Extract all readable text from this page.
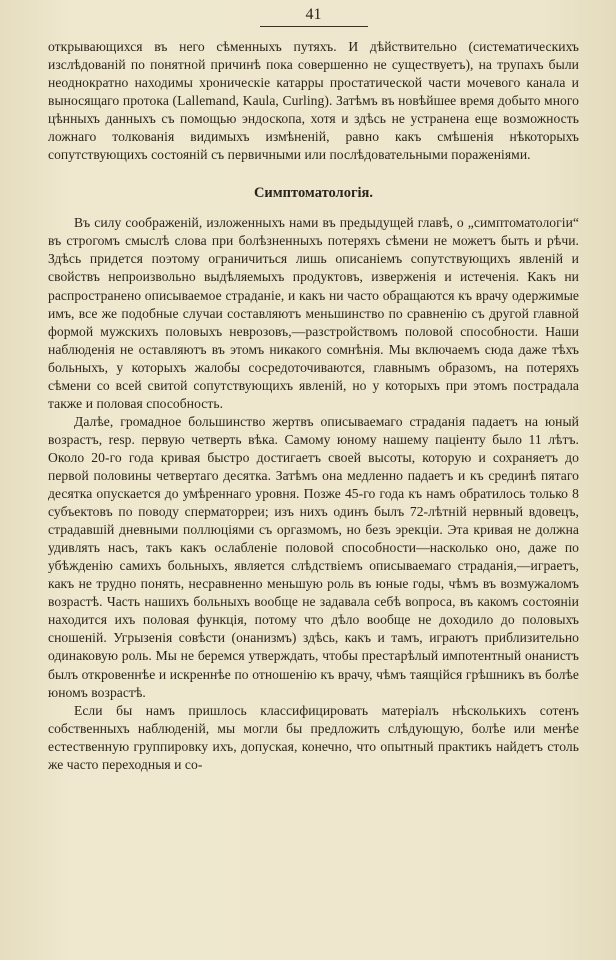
41

открывающихся въ него сѣменныхъ путяхъ. И дѣйствительно (систематическихъ изслѣдованій по понятной причинѣ пока совершенно не существуетъ), на трупахъ были неоднократно находимы хроническіе катарры простатической части мочевого канала и выносящаго протока (Lallemand, Kaula, Curling). Затѣмъ въ новѣйшее время добыто много цѣнныхъ данныхъ съ помощью эндоскопа, хотя и здѣсь не устранена еще возможность ложнаго толкованія видимыхъ измѣненій, равно какъ смѣшенія нѣкоторыхъ сопутствующихъ состояній съ первичными или послѣдовательными пораженіями.

Симптоматологія.

Въ силу соображеній, изложенныхъ нами въ предыдущей главѣ, о „симптоматологіи“ въ строгомъ смыслѣ слова при болѣзненныхъ потеряхъ сѣмени не можетъ быть и рѣчи. Здѣсь придется поэтому ограничиться лишь описаніемъ сопутствующихъ явленій и свойствъ непроизвольно выдѣляемыхъ продуктовъ, изверженія и истеченія. Какъ ни распространено описываемое страданіе, и какъ ни часто обращаются къ врачу одержимые имъ, все же подобные случаи составляютъ меньшинство по сравненію съ другой главной формой мужскихъ половыхъ неврозовъ,—разстройствомъ половой способности. Наши наблюденія не оставляютъ въ этомъ никакого сомнѣнія. Мы включаемъ сюда даже тѣхъ больныхъ, у которыхъ жалобы сосредоточиваются, главнымъ образомъ, на потеряхъ сѣмени со всей свитой сопутствующихъ явленій, но у которыхъ при этомъ пострадала также и половая способность.

Далѣе, громадное большинство жертвъ описываемаго страданія падаетъ на юный возрастъ, resp. первую четверть вѣка. Самому юному нашему паціенту было 11 лѣтъ. Около 20-го года кривая быстро достигаетъ своей высоты, которую и сохраняетъ до первой половины четвертаго десятка. Затѣмъ она медленно падаетъ и къ срединѣ пятаго десятка опускается до умѣреннаго уровня. Позже 45-го года къ намъ обратилось только 8 субъектовъ по поводу сперматорреи; изъ нихъ одинъ былъ 72-лѣтній нервный вдовецъ, страдавшій дневными поллюціями съ оргазмомъ, но безъ эрекціи. Эта кривая не должна удивлять насъ, такъ какъ ослабленіе половой способности—насколько оно, даже по убѣжденію самихъ больныхъ, является слѣдствіемъ описываемаго страданія,—играетъ, какъ не трудно понять, несравненно меньшую роль въ юные годы, чѣмъ въ возмужаломъ возрастѣ. Часть нашихъ больныхъ вообще не задавала себѣ вопроса, въ какомъ состояніи находится ихъ половая функція, потому что дѣло вообще не доходило до половыхъ сношеній. Угрызенія совѣсти (онанизмъ) здѣсь, какъ и тамъ, играютъ приблизительно одинаковую роль. Мы не беремся утверждать, чтобы престарѣлый импотентный онанистъ былъ откровеннѣе и искреннѣе по отношенію къ врачу, чѣмъ таящійся грѣшникъ въ болѣе юномъ возрастѣ.

Если бы намъ пришлось классифицировать матеріалъ нѣсколькихъ сотенъ собственныхъ наблюденій, мы могли бы предложить слѣдующую, болѣе или менѣе естественную группировку ихъ, допуская, конечно, что опытный практикъ найдетъ столь же часто переходныя и со-
